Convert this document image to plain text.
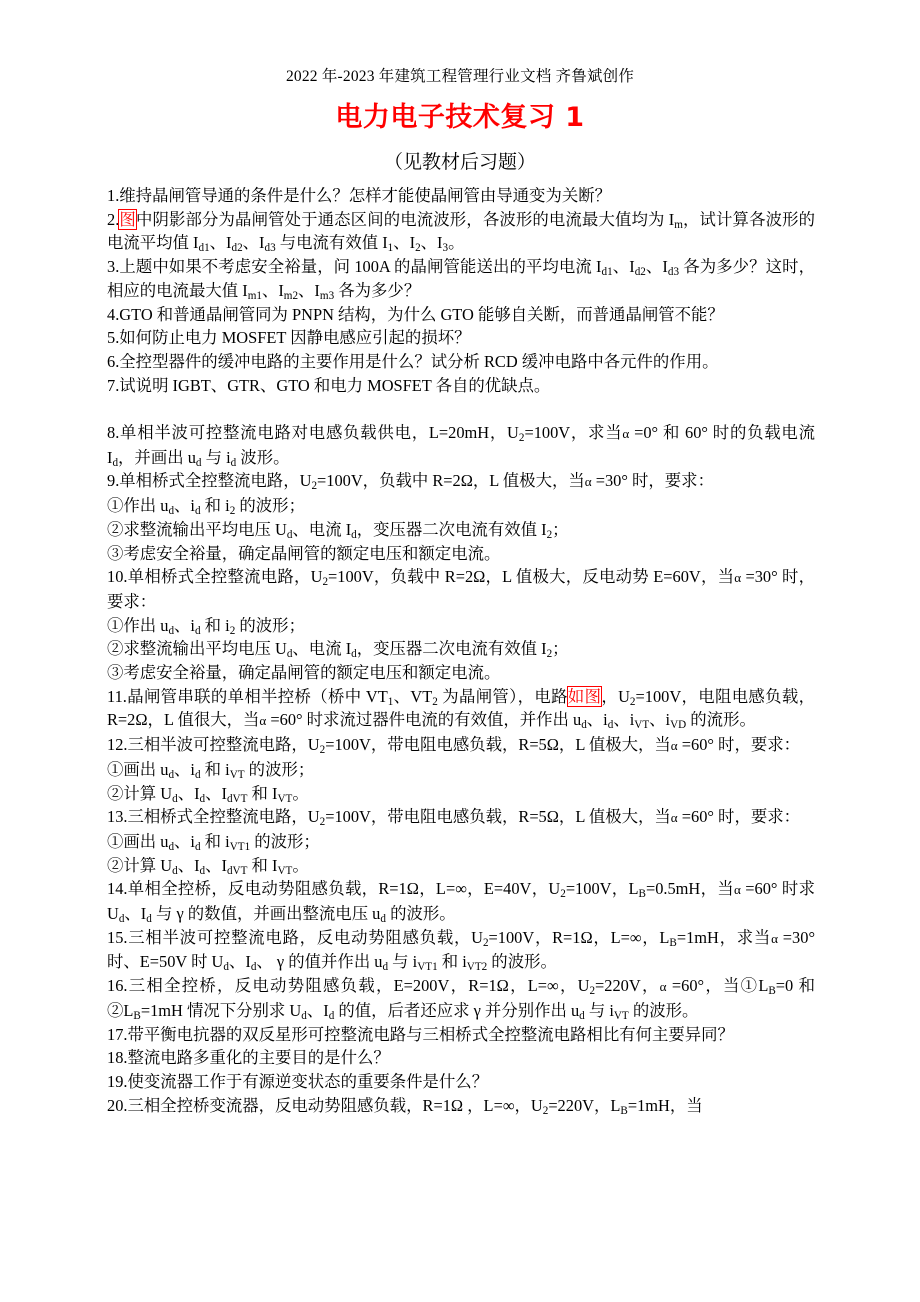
2022 年-2023 年建筑工程管理行业文档 齐鲁斌创作
电力电子技术复习 1
（见教材后习题）

1.维持晶闸管导通的条件是什么？怎样才能使晶闸管由导通变为关断？

2.图中阴影部分为晶闸管处于通态区间的电流波形，各波形的电流最大值均为 $I_m$，试计算各波形的电流平均值 $I_{d1}$、$I_{d2}$、$I_{d3}$ 与电流有效值 $I_1$、$I_2$、$I_3$。

3.上题中如果不考虑安全裕量，问 100A 的晶闸管能送出的平均电流 $I_{d1}$、$I_{d2}$、$I_{d3}$ 各为多少？这时，相应的电流最大值 $I_{m1}$、$I_{m2}$、$I_{m3}$ 各为多少？

4.GTO 和普通晶闸管同为 PNPN 结构，为什么 GTO 能够自关断，而普通晶闸管不能？

5.如何防止电力 MOSFET 因静电感应引起的损坏？

6.全控型器件的缓冲电路的主要作用是什么？试分析 RCD 缓冲电路中各元件的作用。

7.试说明 IGBT、GTR、GTO 和电力 MOSFET 各自的优缺点。

8.单相半波可控整流电路对电感负载供电，L=20mH，$U_2=100V$，求当α =0° 和 60° 时的负载电流 $I_d$，并画出 $u_d$ 与 $i_d$ 波形。

9.单相桥式全控整流电路，$U_2=100V$，负载中 R=2Ω，L 值极大，当α =30° 时，要求：

①作出 $u_d$、$i_d$ 和 $i_2$ 的波形；

②求整流输出平均电压 $U_d$、电流 $I_d$，变压器二次电流有效值 $I_2$；

③考虑安全裕量，确定晶闸管的额定电压和额定电流。

10.单相桥式全控整流电路，$U_2=100V$，负载中 R=2Ω，L 值极大，反电动势 E=60V，当α =30° 时，要求：

①作出 $u_d$、$i_d$ 和 $i_2$ 的波形；

②求整流输出平均电压 $U_d$、电流 $I_d$，变压器二次电流有效值 $I_2$；

③考虑安全裕量，确定晶闸管的额定电压和额定电流。

11.晶闸管串联的单相半控桥（桥中 $VT_1$、$VT_2$ 为晶闸管），电路如图，$U_2=100V$，电阻电感负载，R=2Ω，L 值很大，当α =60° 时求流过器件电流的有效值，并作出 $u_d$、$i_d$、$i_{VT}$、$i_{VD}$ 的流形。

12.三相半波可控整流电路，$U_2=100V$，带电阻电感负载，R=5Ω，L 值极大，当α =60° 时，要求：

①画出 $u_d$、$i_d$ 和 $i_{VT}$ 的波形；

②计算 $U_d$、$I_d$、$I_{dVT}$ 和 $I_{VT}$。

13.三相桥式全控整流电路，$U_2=100V$，带电阻电感负载，R=5Ω，L 值极大，当α =60° 时，要求：

①画出 $u_d$、$i_d$ 和 $i_{VT1}$ 的波形；

②计算 $U_d$、$I_d$、$I_{dVT}$ 和 $I_{VT}$。

14.单相全控桥，反电动势阻感负载，R=1Ω，L=∞，E=40V，$U_2=100V$，$L_B=0.5mH$，当α =60° 时求 $U_d$、$I_d$ 与 γ 的数值，并画出整流电压 $u_d$ 的波形。

15.三相半波可控整流电路，反电动势阻感负载，$U_2=100V$，R=1Ω，L=∞，$L_B=1mH$，求当α =30° 时、E=50V 时 $U_d$、$I_d$、 γ 的值并作出 $u_d$ 与 $i_{VT1}$ 和 $i_{VT2}$ 的波形。

16.三相全控桥，反电动势阻感负载，E=200V，R=1Ω，L=∞，$U_2=220V$，α =60°，当$①L_B=0$ 和$②L_B=1mH$ 情况下分别求 $U_d$、$I_d$ 的值，后者还应求 γ 并分别作出 $u_d$ 与 $i_{VT}$ 的波形。

17.带平衡电抗器的双反星形可控整流电路与三相桥式全控整流电路相比有何主要异同？

18.整流电路多重化的主要目的是什么？

19.使变流器工作于有源逆变状态的重要条件是什么？

20.三相全控桥变流器，反电动势阻感负载，R=1Ω ，L=∞，$U_2=220V$，$L_B=1mH$，当
